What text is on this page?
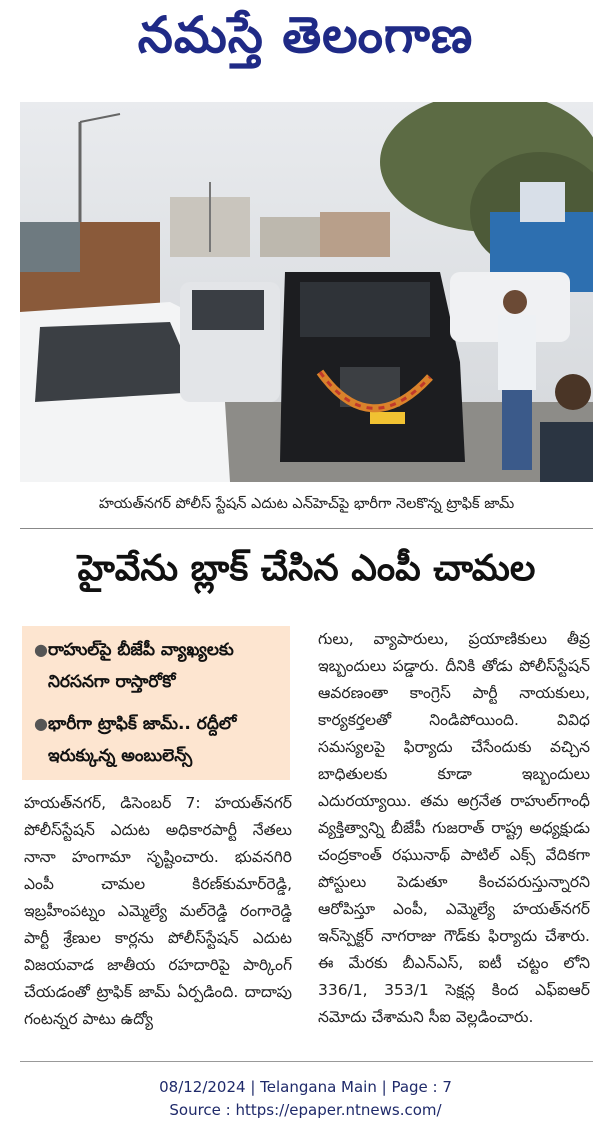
నమస్తే తెలంగాణ
హయత్‌నగర్ పోలీస్ స్టేషన్ ఎదుట ఎన్‌హెచ్‌పై భారీగా నెలకొన్న ట్రాఫిక్ జామ్
హైవేను బ్లాక్ చేసిన ఎంపీ చామల
● రాహుల్‌పై బీజేపీ వ్యాఖ్యలకు నిరసనగా రాస్తారోకో
● భారీగా ట్రాఫిక్ జామ్.. రద్దీలో ఇరుక్కున్న అంబులెన్స్

హయత్‌నగర్, డిసెంబర్ 7: హయత్‌నగర్ పోలీస్‌స్టేషన్ ఎదుట అధికారపార్టీ నేతలు నానా హంగామా సృష్టించారు. భువనగిరి ఎంపీ చామల కిరణ్‌కుమార్‌రెడ్డి, ఇబ్రహీంపట్నం ఎమ్మెల్యే మల్‌రెడ్డి రంగారెడ్డి పార్టీ శ్రేణుల కార్లను పోలీస్‌స్టేషన్ ఎదుట విజయవాడ జాతీయ రహదారిపై పార్కింగ్ చేయడంతో ట్రాఫిక్ జామ్ ఏర్పడింది. దాదాపు గంటన్నర పాటు ఉద్యో

గులు, వ్యాపారులు, ప్రయాణికులు తీవ్ర ఇబ్బందులు పడ్డారు. దీనికి తోడు పోలీస్‌స్టేషన్ ఆవరణంతా కాంగ్రెస్ పార్టీ నాయకులు, కార్యకర్తలతో నిండిపోయింది. వివిధ సమస్యలపై ఫిర్యాదు చేసేందుకు వచ్చిన బాధితులకు కూడా ఇబ్బందులు ఎదురయ్యాయి. తమ అగ్రనేత రాహుల్‌గాంధీ వ్యక్తిత్వాన్ని బీజేపీ గుజరాత్ రాష్ట్ర అధ్యక్షుడు చంద్రకాంత్ రఘునాథ్ పాటిల్ ఎక్స్ వేదికగా పోస్టులు పెడుతూ కించపరుస్తున్నారని ఆరోపిస్తూ ఎంపీ, ఎమ్మెల్యే హయత్‌నగర్ ఇన్‌స్పెక్టర్ నాగరాజు గౌడ్‌కు ఫిర్యాదు చేశారు. ఈ మేరకు బీఎన్ఎస్, ఐటీ చట్టం లోని 336/1, 353/1 సెక్షన్ల కింద ఎఫ్ఐఆర్ నమోదు చేశామని సీఐ వెల్లడించారు.

08/12/2024 | Telangana Main | Page : 7
Source : https://epaper.ntnews.com/
